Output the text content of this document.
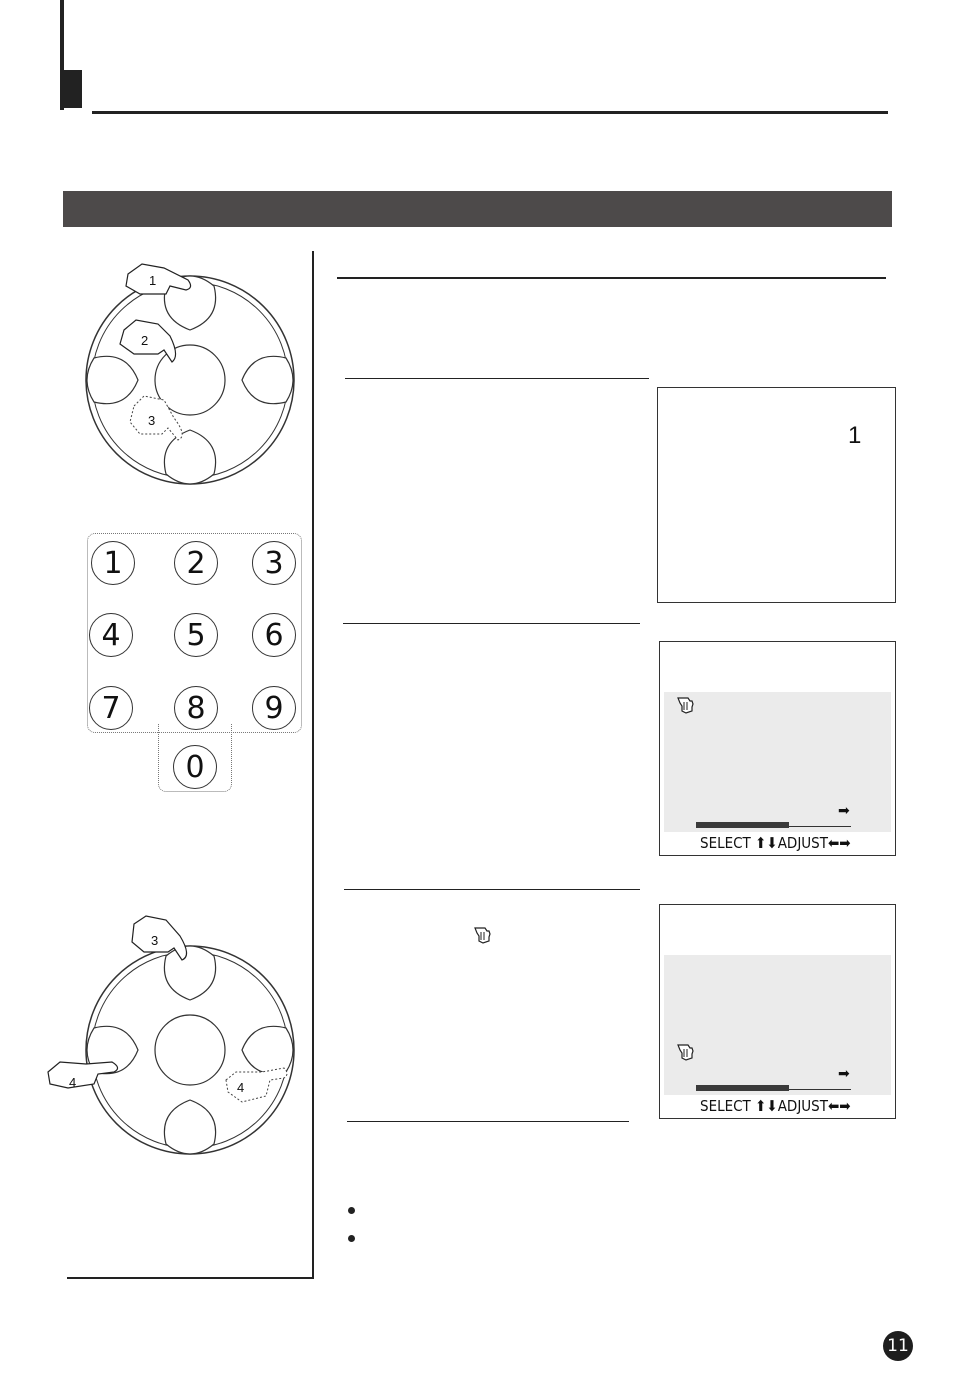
1
2
3
1	2	3
4	5	6
7	8	9
0
3
4	4
1
➡
SELECT ⬆⬇ADJUST⬅➡
➡
SELECT ⬆⬇ADJUST⬅➡
11
